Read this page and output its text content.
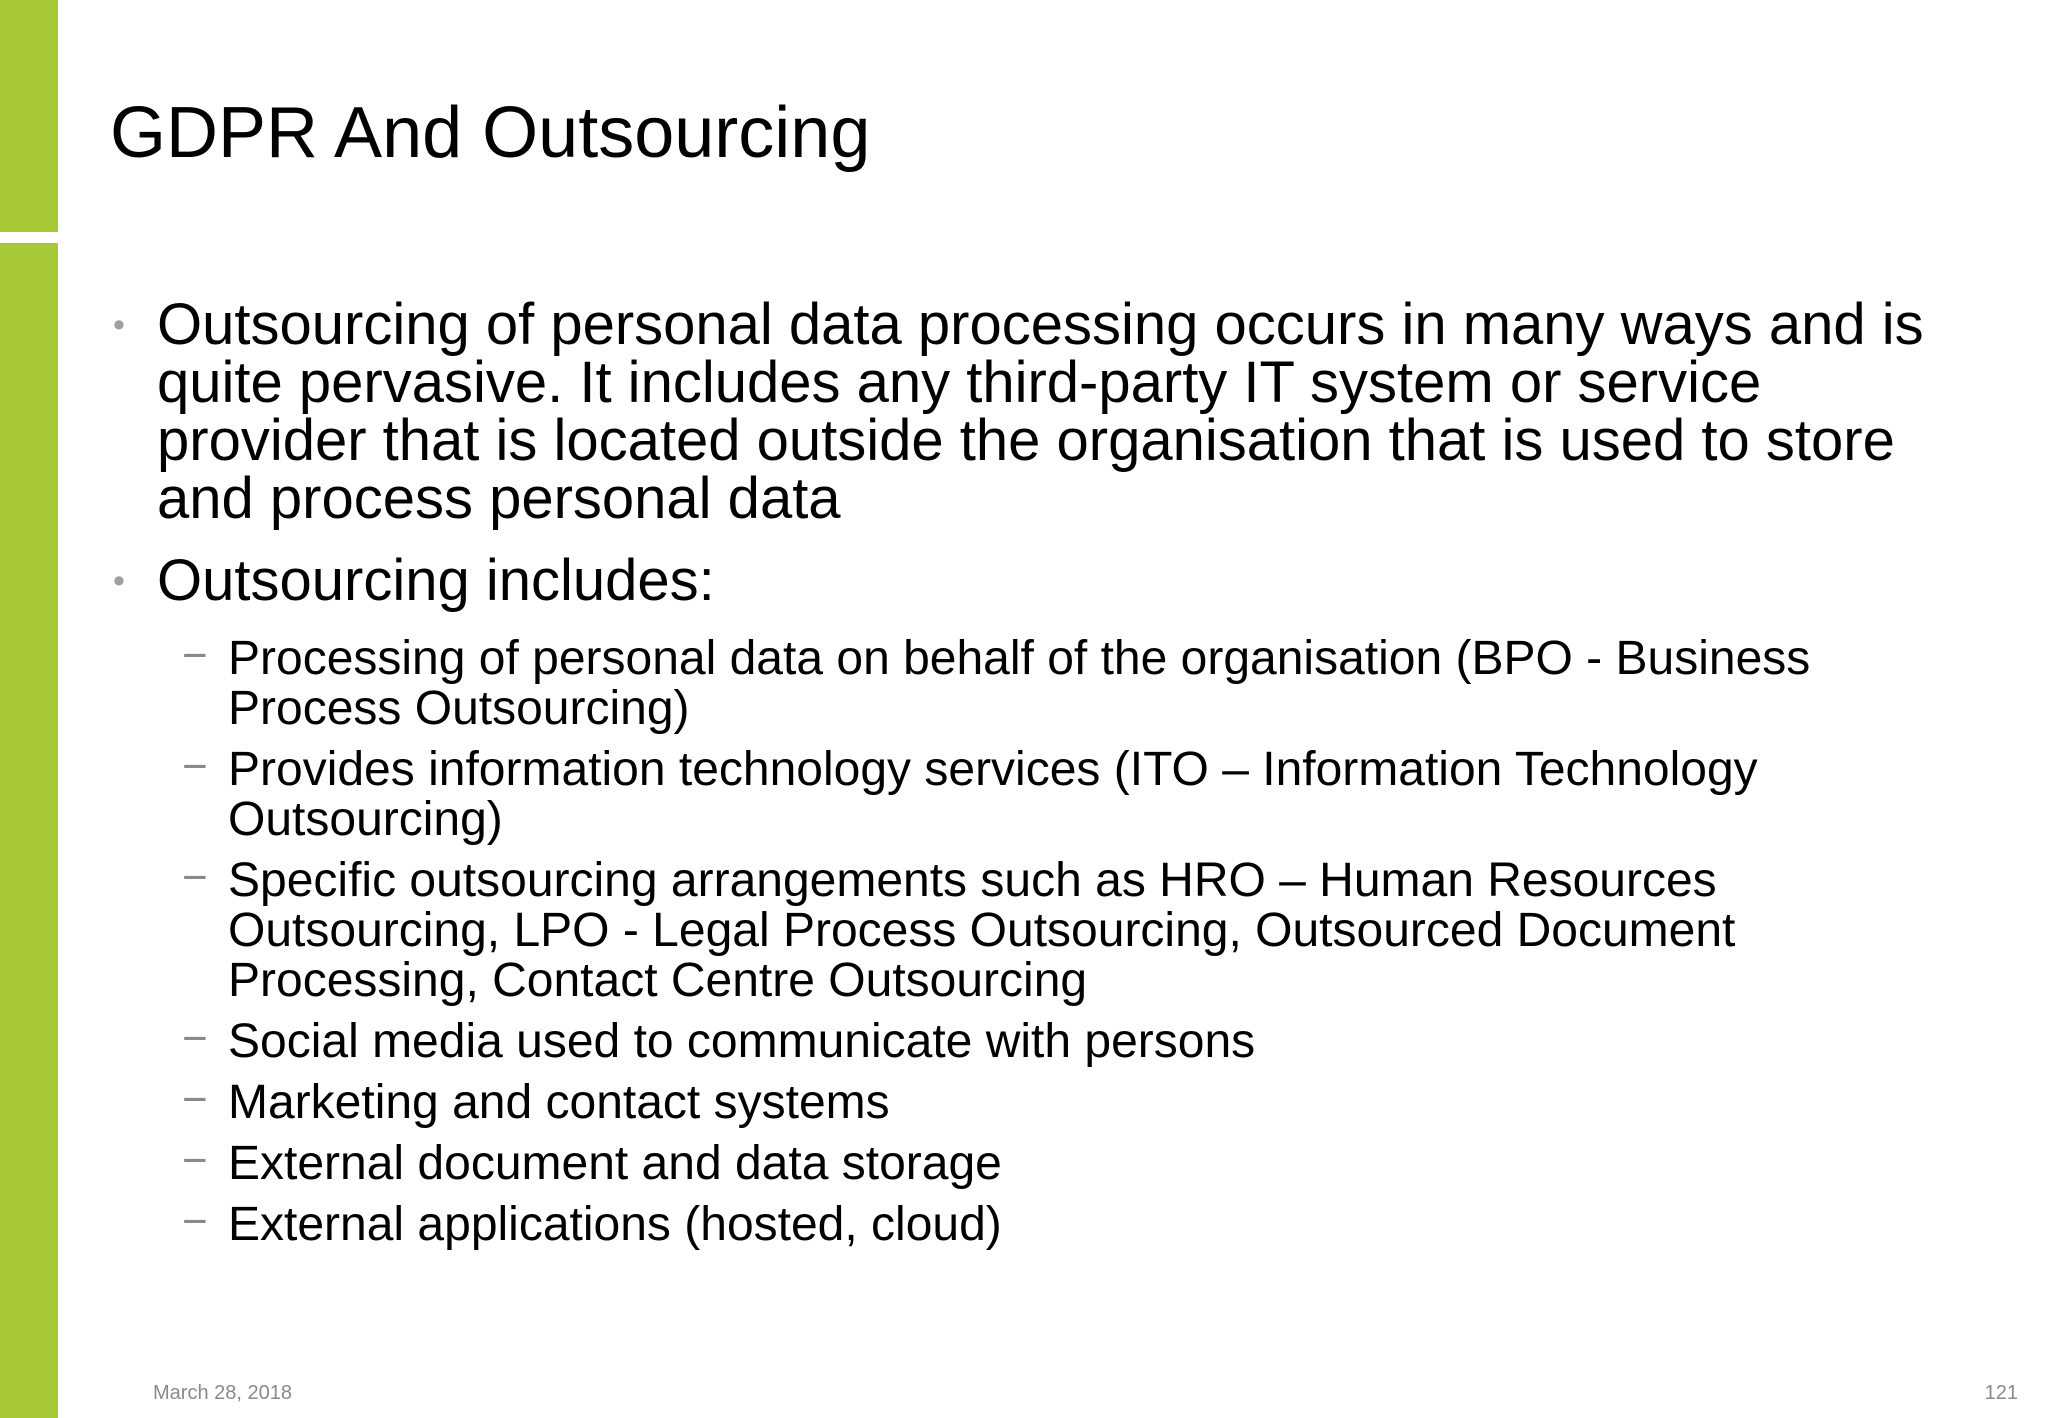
GDPR And Outsourcing
• Outsourcing of personal data processing occurs in many ways and is quite pervasive. It includes any third-party IT system or service provider that is located outside the organisation that is used to store and process personal data
• Outsourcing includes:
− Processing of personal data on behalf of the organisation (BPO - Business Process Outsourcing)
− Provides information technology services (ITO – Information Technology Outsourcing)
− Specific outsourcing arrangements such as HRO – Human Resources Outsourcing, LPO - Legal Process Outsourcing, Outsourced Document Processing, Contact Centre Outsourcing
− Social media used to communicate with persons
− Marketing and contact systems
− External document and data storage
− External applications (hosted, cloud)
March 28, 2018	121
